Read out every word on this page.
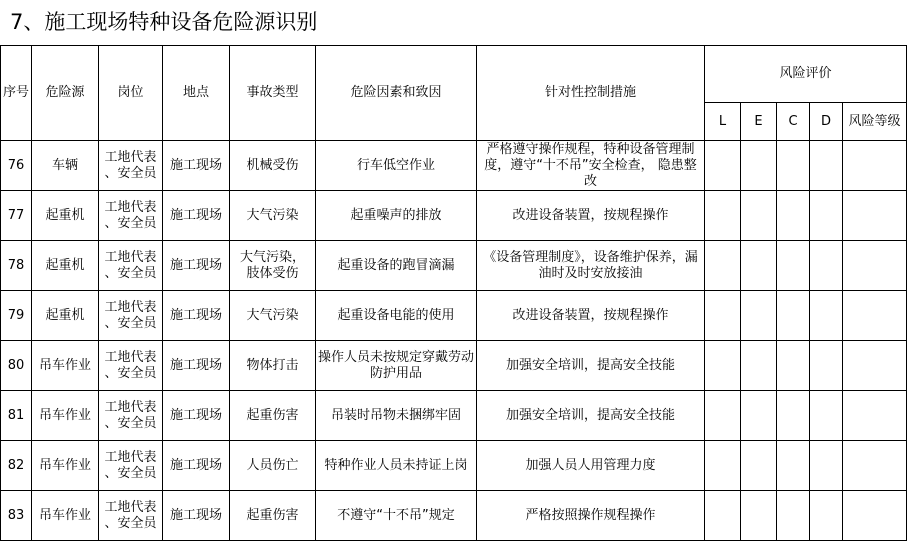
7、施工现场特种设备危险源识别
序号	危险源	岗位	地点	事故类型	危险因素和致因	针对性控制措施	风险评价				
							L	E	C	D	风险等级
76	车辆	工地代表
、安全员	施工现场	机械受伤	行车低空作业	严格遵守操作规程，特种设备管理制度，遵守“十不吊”安全检查， 隐患整改					
77	起重机	工地代表
、安全员	施工现场	大气污染	起重噪声的排放	改进设备装置，按规程操作					
78	起重机	工地代表
、安全员	施工现场	大气污染，
肢体受伤	起重设备的跑冒滴漏	《设备管理制度》，设备维护保养，漏油时及时安放接油					
79	起重机	工地代表
、安全员	施工现场	大气污染	起重设备电能的使用	改进设备装置，按规程操作					
80	吊车作业	工地代表
、安全员	施工现场	物体打击	操作人员未按规定穿戴劳动防护用品	加强安全培训，提高安全技能					
81	吊车作业	工地代表
、安全员	施工现场	起重伤害	吊装时吊物未捆绑牢固	加强安全培训，提高安全技能					
82	吊车作业	工地代表
、安全员	施工现场	人员伤亡	特种作业人员未持证上岗	加强人员人用管理力度					
83	吊车作业	工地代表
、安全员	施工现场	起重伤害	不遵守“十不吊”规定	严格按照操作规程操作					
